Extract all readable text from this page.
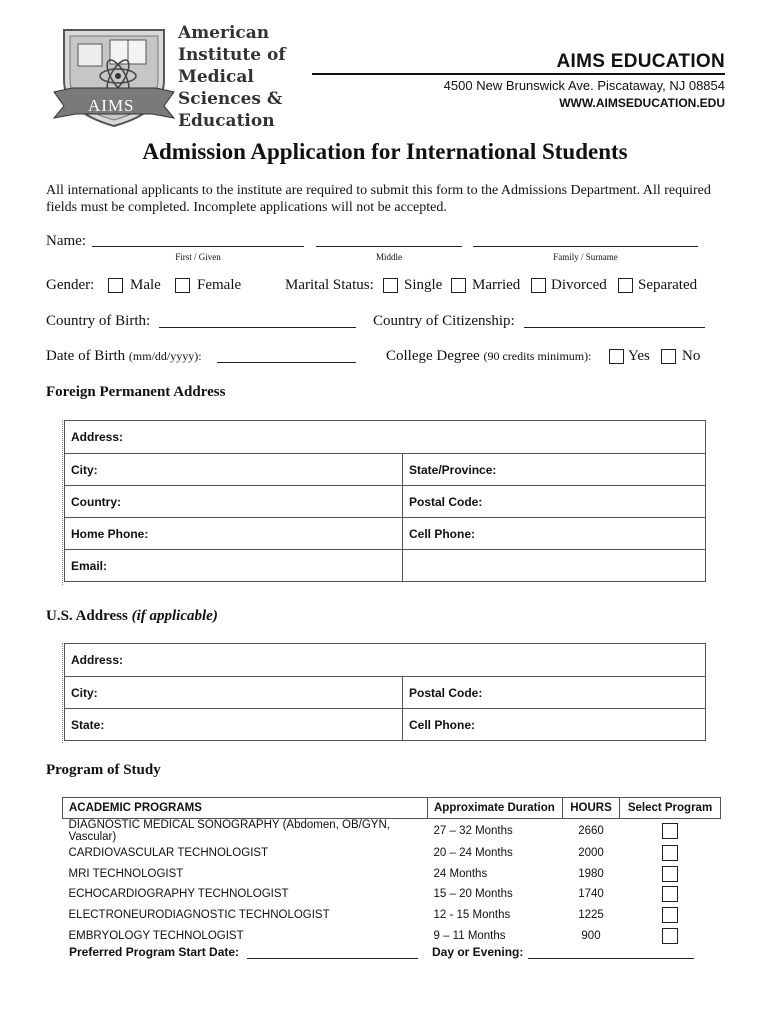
AIMS
American
Institute of
Medical
Sciences &
Education
AIMS EDUCATION
4500 New Brunswick Ave. Piscataway, NJ 08854
WWW.AIMSEDUCATION.EDU
Admission Application for International Students
All international applicants to the institute are required to submit this form to the Admissions Department. All required fields must be completed. Incomplete applications will not be accepted.
Name:
First / Given	Middle	Family / Surname
Gender: Male Female	Marital Status: Single Married Divorced Separated
Country of Birth:	Country of Citizenship:
Date of Birth (mm/dd/yyyy):	College Degree (90 credits minimum): Yes No
Foreign Permanent Address
Address:	
City:	State/Province:
Country:	Postal Code:
Home Phone:	Cell Phone:
Email:	
U.S. Address (if applicable)
Address:	
City:	Postal Code:
State:	Cell Phone:
Program of Study
ACADEMIC PROGRAMS	Approximate Duration	HOURS	Select Program
DIAGNOSTIC MEDICAL SONOGRAPHY (Abdomen, OB/GYN, Vascular)	27 – 32 Months	2660	
CARDIOVASCULAR TECHNOLOGIST	20 – 24 Months	2000	
MRI TECHNOLOGIST	24 Months	1980	
ECHOCARDIOGRAPHY TECHNOLOGIST	15 – 20 Months	1740	
ELECTRONEURODIAGNOSTIC TECHNOLOGIST	12 - 15 Months	1225	
EMBRYOLOGY TECHNOLOGIST	9 – 11 Months	900	
Preferred Program Start Date:	Day or Evening:
